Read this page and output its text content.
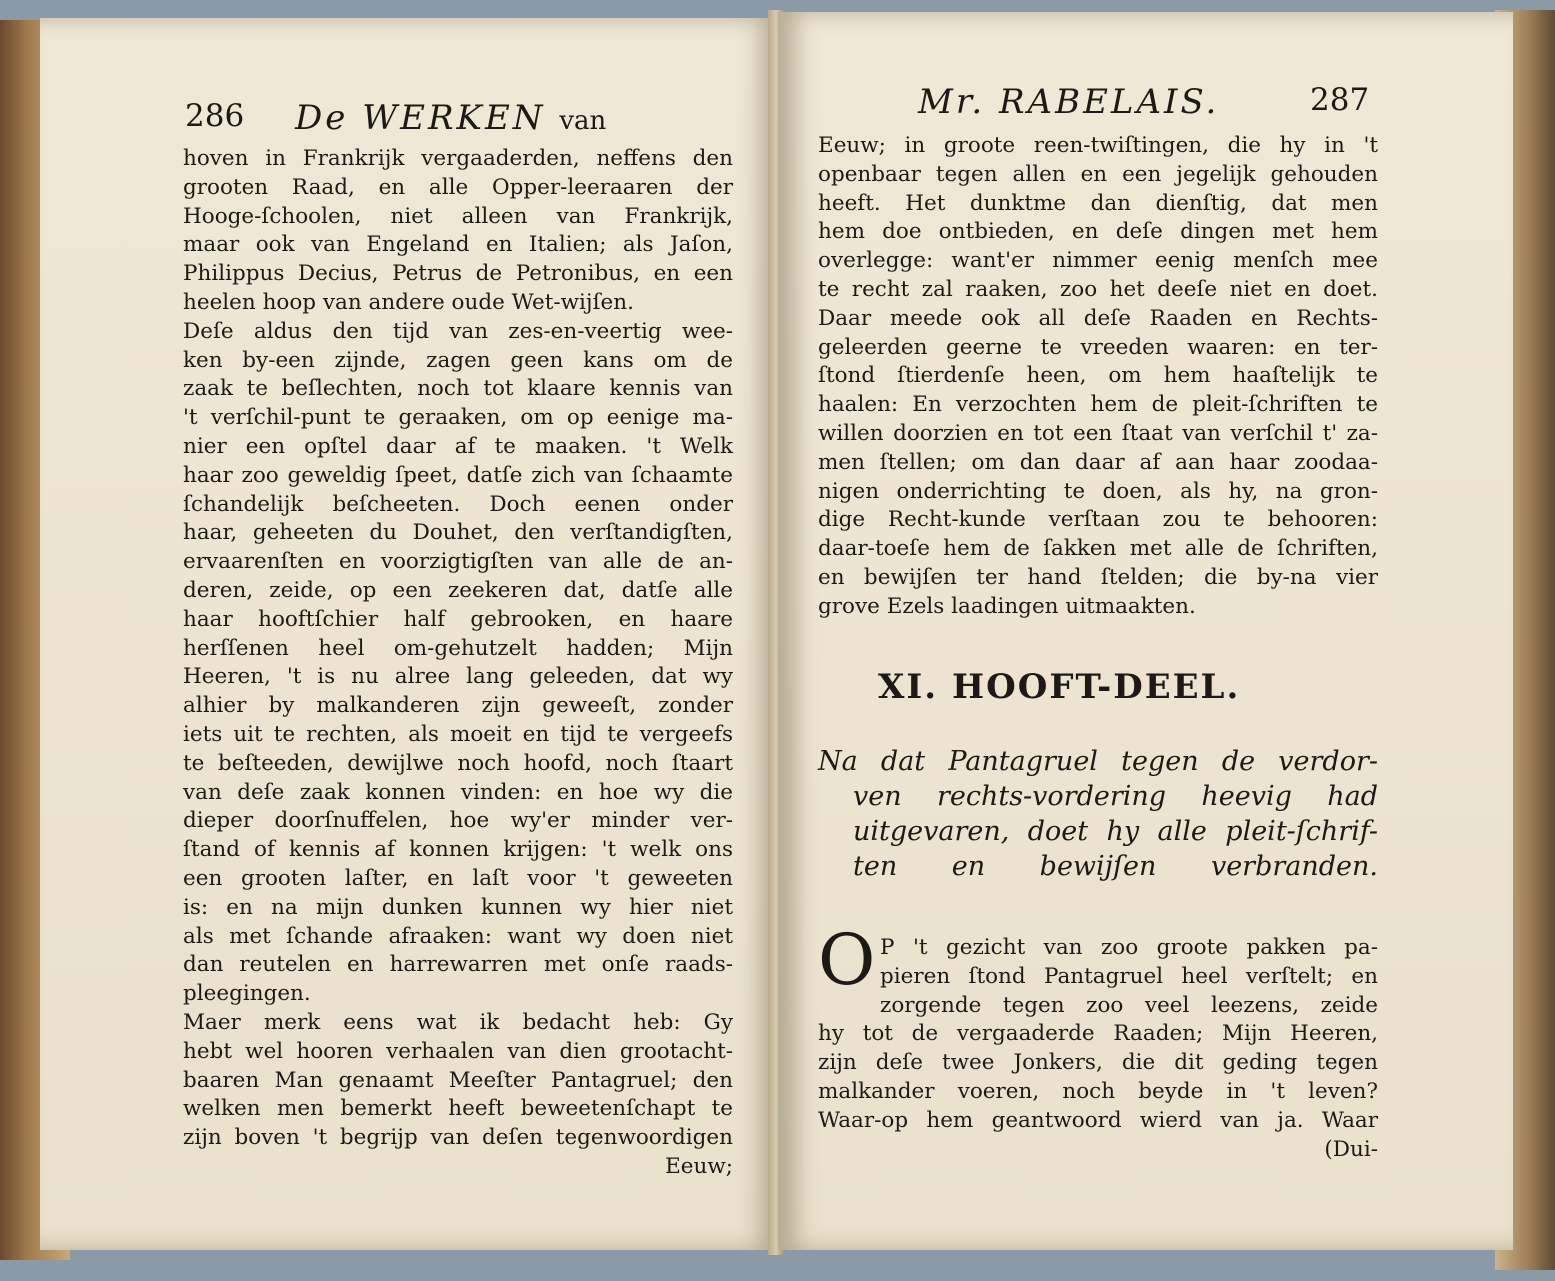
286 De WERKEN van
hoven in Frankrijk vergaaderden, neffens den
grooten Raad, en alle Opper-leeraaren der
Hooge-ſchoolen, niet alleen van Frankrijk,
maar ook van Engeland en Italien; als Jaſon,
Philippus Decius, Petrus de Petronibus, en een
heelen hoop van andere oude Wet-wijſen.
Deſe aldus den tijd van zes-en-veertig wee-
ken by-een zijnde, zagen geen kans om de
zaak te beſlechten, noch tot klaare kennis van
't verſchil-punt te geraaken, om op eenige ma-
nier een opſtel daar af te maaken. 't Welk
haar zoo geweldig ſpeet, datſe zich van ſchaamte
ſchandelijk beſcheeten. Doch eenen onder
haar, geheeten du Douhet, den verſtandigſten,
ervaarenſten en voorzigtigſten van alle de an-
deren, zeide, op een zeekeren dat, datſe alle
haar hooftſchier half gebrooken, en haare
herſſenen heel om-gehutzelt hadden; Mijn
Heeren, 't is nu alree lang geleeden, dat wy
alhier by malkanderen zijn geweeſt, zonder
iets uit te rechten, als moeit en tijd te vergeefs
te beſteeden, dewijlwe noch hoofd, noch ſtaart
van deſe zaak konnen vinden: en hoe wy die
dieper doorſnuffelen, hoe wy'er minder ver-
ſtand of kennis af konnen krijgen: 't welk ons
een grooten laſter, en laſt voor 't geweeten
is: en na mijn dunken kunnen wy hier niet
als met ſchande afraaken: want wy doen niet
dan reutelen en harrewarren met onſe raads-
pleegingen.
Maer merk eens wat ik bedacht heb: Gy
hebt wel hooren verhaalen van dien grootacht-
baaren Man genaamt Meeſter Pantagruel; den
welken men bemerkt heeft beweetenſchapt te
zijn boven 't begrijp van deſen tegenwoordigen
Eeuw;
Mr. RABELAIS.	287
Eeuw; in groote reen-twiſtingen, die hy in 't
openbaar tegen allen en een jegelijk gehouden
heeft. Het dunktme dan dienſtig, dat men
hem doe ontbieden, en deſe dingen met hem
overlegge: want'er nimmer eenig menſch mee
te recht zal raaken, zoo het deeſe niet en doet.
Daar meede ook all deſe Raaden en Rechts-
geleerden geerne te vreeden waaren: en ter-
ſtond ſtierdenſe heen, om hem haaſtelijk te
haalen: En verzochten hem de pleit-ſchriften te
willen doorzien en tot een ſtaat van verſchil t' za-
men ſtellen; om dan daar af aan haar zoodaa-
nigen onderrichting te doen, als hy, na gron-
dige Recht-kunde verſtaan zou te behooren:
daar-toeſe hem de ſakken met alle de ſchriften,
en bewijſen ter hand ſtelden; die by-na vier
grove Ezels laadingen uitmaakten.
XI. HOOFT-DEEL.
Na dat Pantagruel tegen de verdor-
ven rechts-vordering heevig had
uitgevaren, doet hy alle pleit-ſchrif-
ten en bewijſen verbranden.
O P 't gezicht van zoo groote pakken pa-
pieren ſtond Pantagruel heel verſtelt; en
zorgende tegen zoo veel leezens, zeide
hy tot de vergaaderde Raaden; Mijn Heeren,
zijn deſe twee Jonkers, die dit geding tegen
malkander voeren, noch beyde in 't leven?
Waar-op hem geantwoord wierd van ja. Waar
(Dui-
